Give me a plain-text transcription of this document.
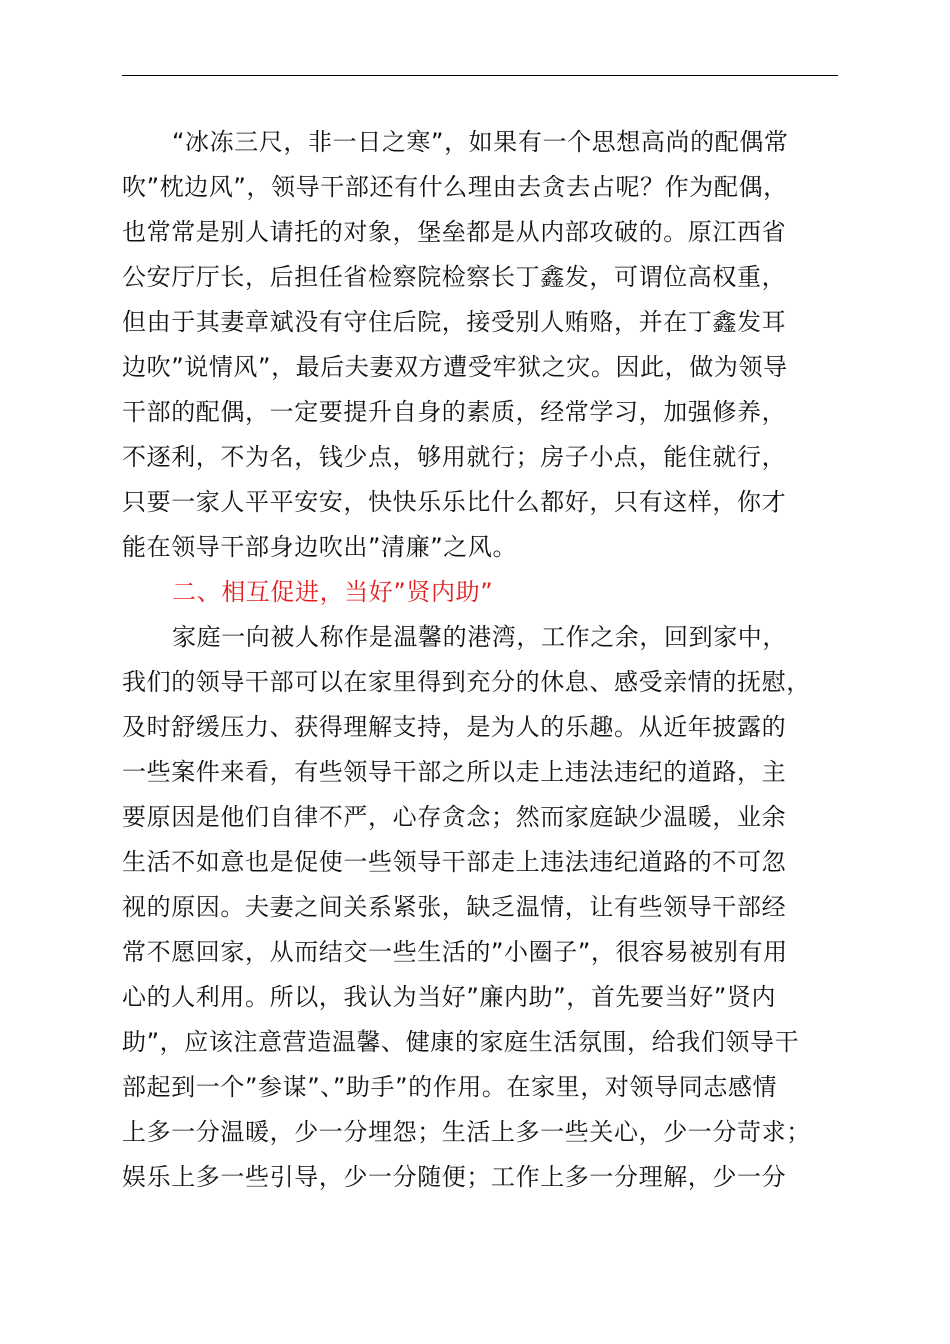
“冰冻三尺，非一日之寒”，如果有一个思想高尚的配偶常
吹”枕边风”，领导干部还有什么理由去贪去占呢？作为配偶，
也常常是别人请托的对象，堡垒都是从内部攻破的。原江西省
公安厅厅长，后担任省检察院检察长丁鑫发，可谓位高权重，
但由于其妻章斌没有守住后院，接受别人贿赂，并在丁鑫发耳
边吹”说情风”，最后夫妻双方遭受牢狱之灾。因此，做为领导
干部的配偶，一定要提升自身的素质，经常学习，加强修养，
不逐利，不为名，钱少点，够用就行；房子小点，能住就行，
只要一家人平平安安，快快乐乐比什么都好，只有这样，你才
能在领导干部身边吹出”清廉”之风。
二、相互促进，当好”贤内助”
家庭一向被人称作是温馨的港湾，工作之余，回到家中，
我们的领导干部可以在家里得到充分的休息、感受亲情的抚慰，
及时舒缓压力、获得理解支持，是为人的乐趣。从近年披露的
一些案件来看，有些领导干部之所以走上违法违纪的道路，主
要原因是他们自律不严，心存贪念；然而家庭缺少温暖，业余
生活不如意也是促使一些领导干部走上违法违纪道路的不可忽
视的原因。夫妻之间关系紧张，缺乏温情，让有些领导干部经
常不愿回家，从而结交一些生活的”小圈子”，很容易被别有用
心的人利用。所以，我认为当好”廉内助”，首先要当好”贤内
助”，应该注意营造温馨、健康的家庭生活氛围，给我们领导干
部起到一个”参谋”、”助手”的作用。在家里，对领导同志感情
上多一分温暖，少一分埋怨；生活上多一些关心，少一分苛求；
娱乐上多一些引导，少一分随便；工作上多一分理解，少一分
